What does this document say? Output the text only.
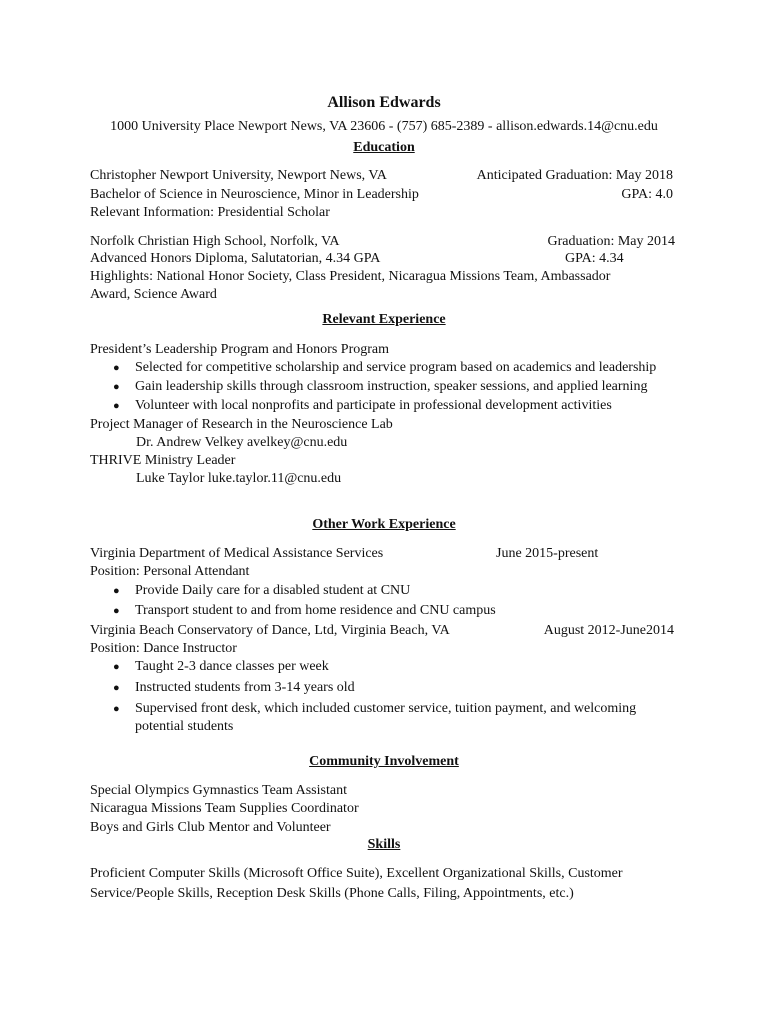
Allison Edwards
1000 University Place Newport News, VA 23606 - (757) 685-2389 - allison.edwards.14@cnu.edu
Education
Christopher Newport University, Newport News, VA	Anticipated Graduation: May 2018
Bachelor of Science in Neuroscience, Minor in Leadership	GPA: 4.0
Relevant Information: Presidential Scholar
Norfolk Christian High School, Norfolk, VA	Graduation: May 2014
Advanced Honors Diploma, Salutatorian, 4.34 GPA	GPA: 4.34
Highlights: National Honor Society, Class President, Nicaragua Missions Team, Ambassador
Award, Science Award
Relevant Experience
President’s Leadership Program and Honors Program
● Selected for competitive scholarship and service program based on academics and leadership
● Gain leadership skills through classroom instruction, speaker sessions, and applied learning
● Volunteer with local nonprofits and participate in professional development activities
Project Manager of Research in the Neuroscience Lab
Dr. Andrew Velkey avelkey@cnu.edu
THRIVE Ministry Leader
Luke Taylor luke.taylor.11@cnu.edu
Other Work Experience
Virginia Department of Medical Assistance Services	June 2015-present
Position: Personal Attendant
● Provide Daily care for a disabled student at CNU
● Transport student to and from home residence and CNU campus
Virginia Beach Conservatory of Dance, Ltd, Virginia Beach, VA	August 2012-June2014
Position: Dance Instructor
● Taught 2-3 dance classes per week
● Instructed students from 3-14 years old
● Supervised front desk, which included customer service, tuition payment, and welcoming
potential students
Community Involvement
Special Olympics Gymnastics Team Assistant
Nicaragua Missions Team Supplies Coordinator
Boys and Girls Club Mentor and Volunteer
Skills
Proficient Computer Skills (Microsoft Office Suite), Excellent Organizational Skills, Customer
Service/People Skills, Reception Desk Skills (Phone Calls, Filing, Appointments, etc.)
